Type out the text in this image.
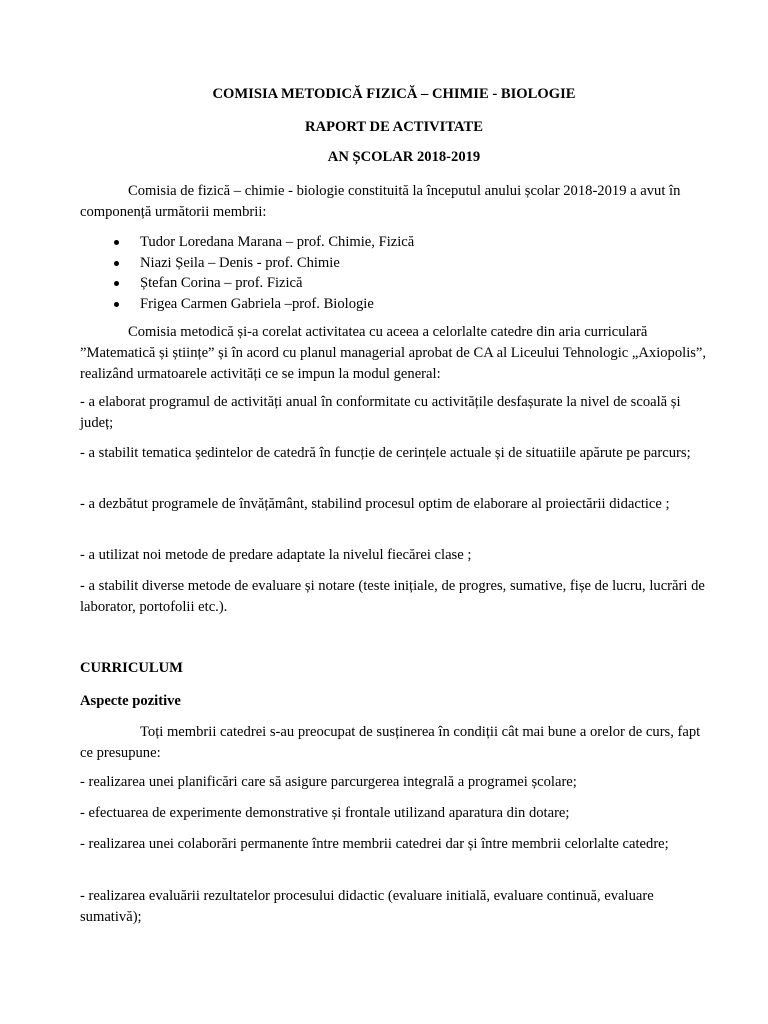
COMISIA METODICĂ FIZICĂ – CHIMIE - BIOLOGIE

RAPORT DE ACTIVITATE

AN ȘCOLAR 2018-2019

Comisia de fizică – chimie - biologie constituită la începutul anului școlar 2018-2019 a avut în componență următorii membrii:

Tudor Loredana Marana – prof. Chimie, Fizică
Niazi Șeila – Denis - prof. Chimie
Ștefan Corina – prof. Fizică
Frigea Carmen Gabriela –prof. Biologie

Comisia metodică și-a corelat activitatea cu aceea a celorlalte catedre din aria curriculară ”Matematică și științe” și în acord cu planul managerial aprobat de CA al Liceului Tehnologic „Axiopolis”, realizând urmatoarele activități ce se impun la modul general:

- a elaborat programul de activități anual în conformitate cu activitățile desfașurate la nivel de scoală și județ;

- a stabilit tematica ședintelor de catedră în funcție de cerințele actuale și de situatiile apărute pe parcurs;

- a dezbătut programele de învățământ, stabilind procesul optim de elaborare al proiectării didactice ;

- a utilizat noi metode de predare adaptate la nivelul fiecărei clase ;

- a stabilit diverse metode de evaluare și notare (teste inițiale, de progres, sumative, fișe de lucru, lucrări de laborator, portofolii etc.).

CURRICULUM

Aspecte pozitive

Toți membrii catedrei s-au preocupat de susținerea în condiții cât mai bune a orelor de curs, fapt ce presupune:

- realizarea unei planificări care să asigure parcurgerea integrală a programei școlare;

- efectuarea de experimente demonstrative și frontale utilizand aparatura din dotare;

- realizarea unei colaborări permanente între membrii catedrei dar și între membrii celorlalte catedre;

- realizarea evaluării rezultatelor procesului didactic (evaluare initială, evaluare continuă, evaluare sumativă);
